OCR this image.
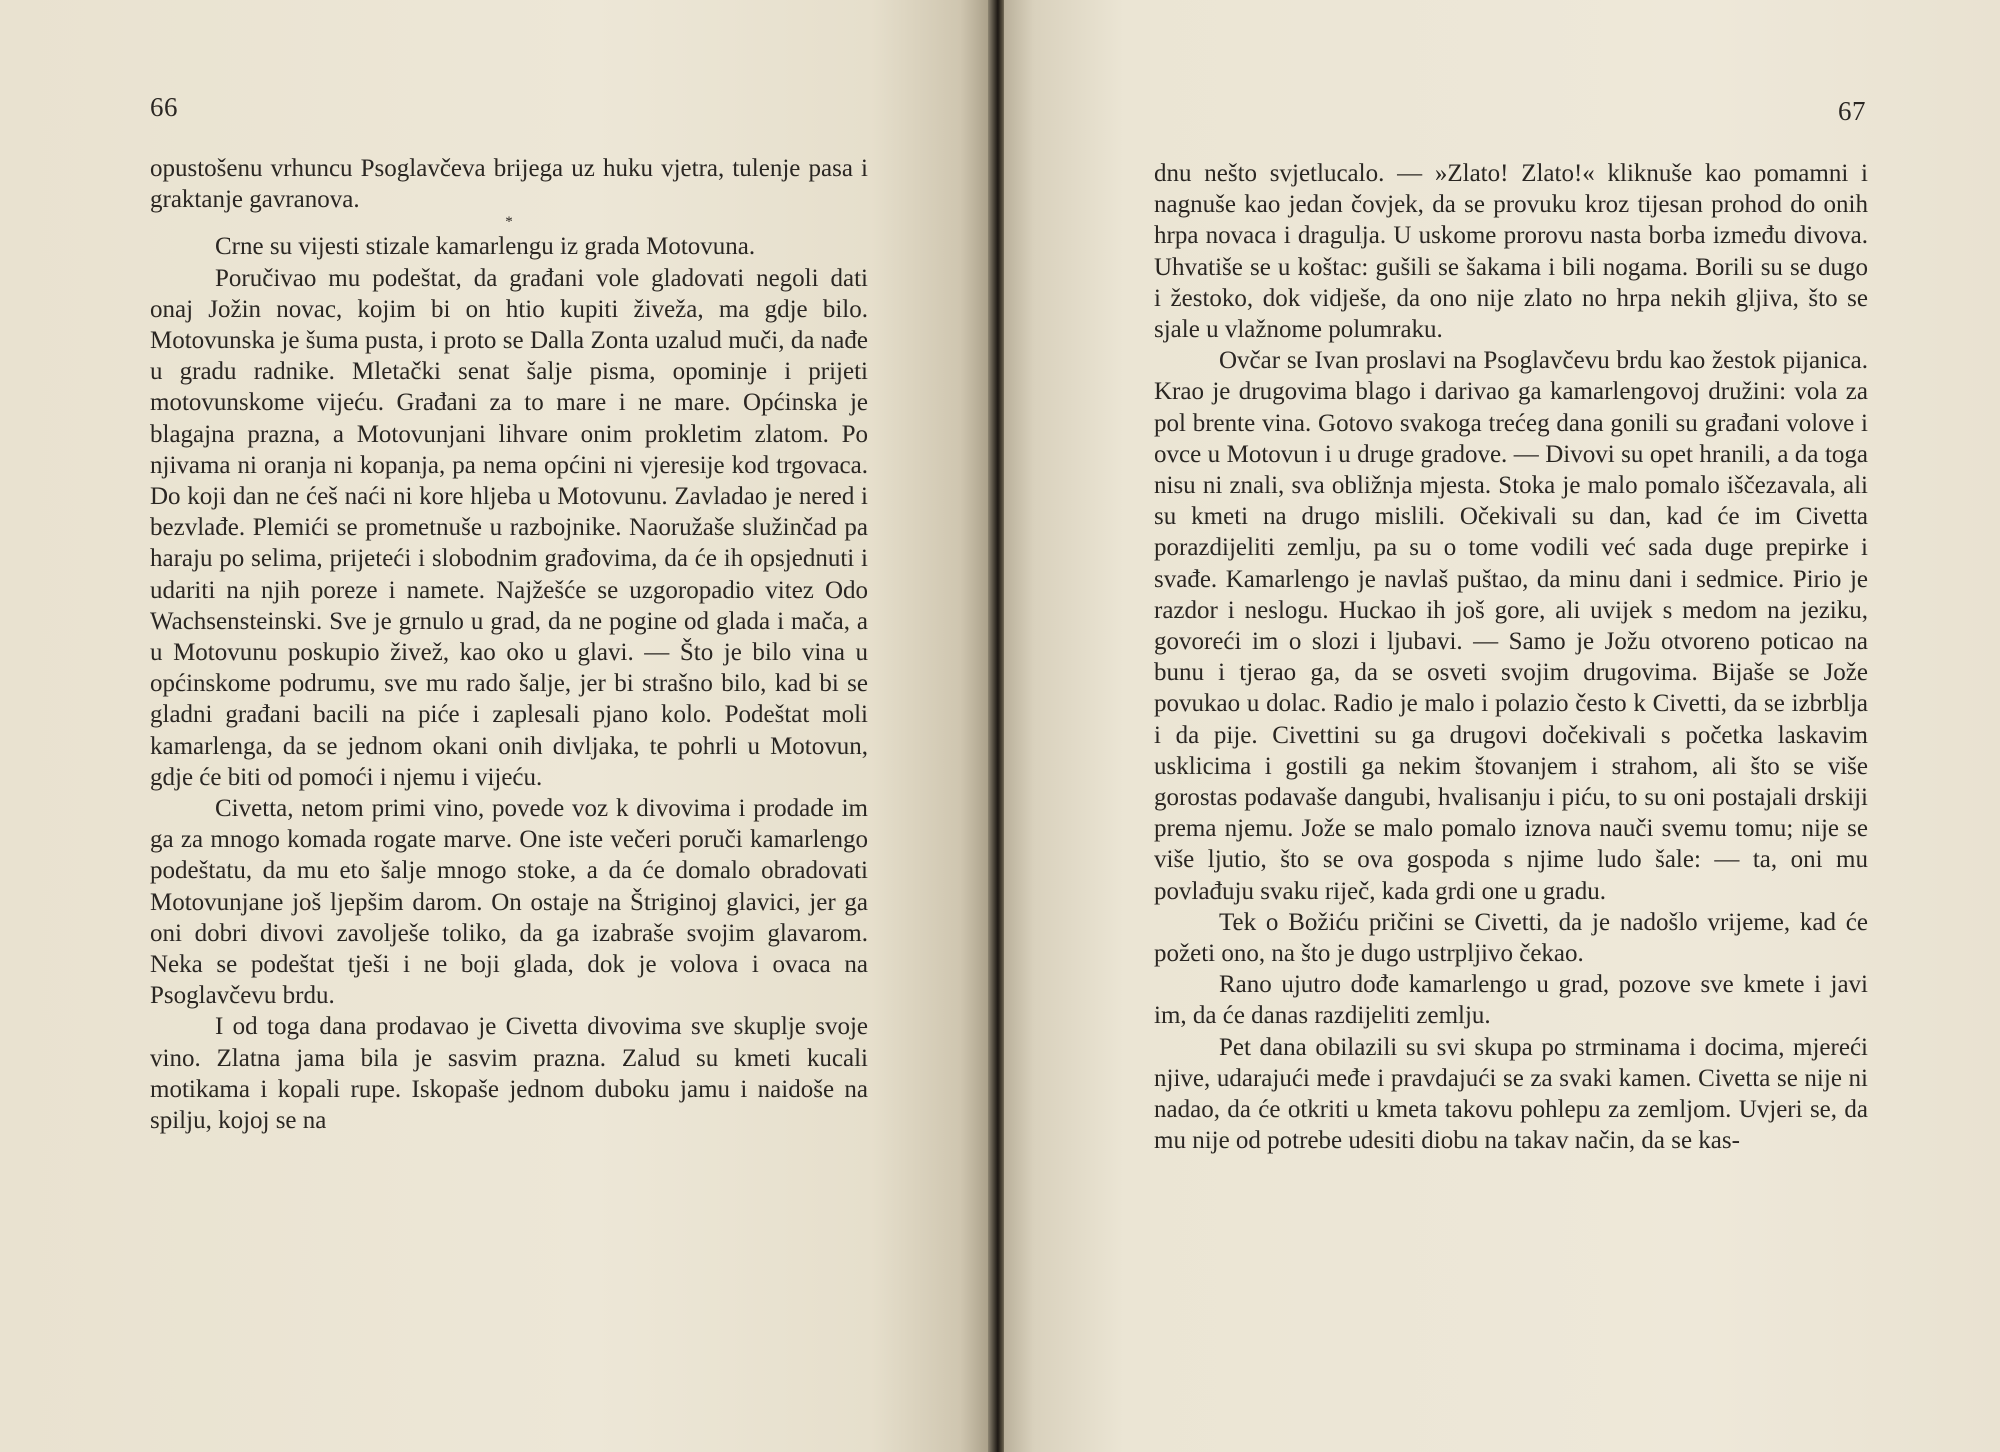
66

opustošenu vrhuncu Psoglavčeva brijega uz huku vjetra, tulenje pasa i graktanje gavranova.

*

Crne su vijesti stizale kamarlengu iz grada Motovuna.

Poručivao mu podeštat, da građani vole gladovati negoli dati onaj Jožin novac, kojim bi on htio kupiti živeža, ma gdje bilo. Motovunska je šuma pusta, i proto se Dalla Zonta uzalud muči, da nađe u gradu radnike. Mletački senat šalje pisma, opominje i prijeti motovunskome vijeću. Građani za to mare i ne mare. Općinska je blagajna prazna, a Motovunjani lihvare onim prokletim zlatom. Po njivama ni oranja ni kopanja, pa nema općini ni vjeresije kod trgovaca. Do koji dan ne ćeš naći ni kore hljeba u Motovunu. Zavladao je nered i bezvlađe. Plemići se prometnuše u razbojnike. Naoružaše služinčad pa haraju po selima, prijeteći i slobodnim građovima, da će ih opsjednuti i udariti na njih poreze i namete. Najžešće se uzgoropadio vitez Odo Wachsensteinski. Sve je grnulo u grad, da ne pogine od glada i mača, a u Motovunu poskupio živež, kao oko u glavi. — Što je bilo vina u općinskome podrumu, sve mu rado šalje, jer bi strašno bilo, kad bi se gladni građani bacili na piće i zaplesali pjano kolo. Podeštat moli kamarlenga, da se jednom okani onih divljaka, te pohrli u Motovun, gdje će biti od pomoći i njemu i vijeću.

Civetta, netom primi vino, povede voz k divovima i prodade im ga za mnogo komada rogate marve. One iste večeri poruči kamarlengo podeštatu, da mu eto šalje mnogo stoke, a da će domalo obradovati Motovunjane još ljepšim darom. On ostaje na Štriginoj glavici, jer ga oni dobri divovi zavolješe toliko, da ga izabraše svojim glavarom. Neka se podeštat tješi i ne boji glada, dok je volova i ovaca na Psoglavčevu brdu.

I od toga dana prodavao je Civetta divovima sve skuplje svoje vino. Zlatna jama bila je sasvim prazna. Zalud su kmeti kucali motikama i kopali rupe. Iskopaše jednom duboku jamu i naidoše na spilju, kojoj se na

67

dnu nešto svjetlucalo. — »Zlato! Zlato!« kliknuše kao pomamni i nagnuše kao jedan čovjek, da se provuku kroz tijesan prohod do onih hrpa novaca i dragulja. U uskome prorovu nasta borba između divova. Uhvatiše se u koštac: gušili se šakama i bili nogama. Borili su se dugo i žestoko, dok vidješe, da ono nije zlato no hrpa nekih gljiva, što se sjale u vlažnome polumraku.

Ovčar se Ivan proslavi na Psoglavčevu brdu kao žestok pijanica. Krao je drugovima blago i darivao ga kamarlengovoj družini: vola za pol brente vina. Gotovo svakoga trećeg dana gonili su građani volove i ovce u Motovun i u druge gradove. — Divovi su opet hranili, a da toga nisu ni znali, sva obližnja mjesta. Stoka je malo pomalo iščezavala, ali su kmeti na drugo mislili. Očekivali su dan, kad će im Civetta porazdijeliti zemlju, pa su o tome vodili već sada duge prepirke i svađe. Kamarlengo je navlaš puštao, da minu dani i sedmice. Pirio je razdor i neslogu. Huckao ih još gore, ali uvijek s medom na jeziku, govoreći im o slozi i ljubavi. — Samo je Jožu otvoreno poticao na bunu i tjerao ga, da se osveti svojim drugovima. Bijaše se Jože povukao u dolac. Radio je malo i polazio često k Civetti, da se izbrblja i da pije. Civettini su ga drugovi dočekivali s početka laskavim usklicima i gostili ga nekim štovanjem i strahom, ali što se više gorostas podavaše dangubi, hvalisanju i piću, to su oni postajali drskiji prema njemu. Jože se malo pomalo iznova nauči svemu tomu; nije se više ljutio, što se ova gospoda s njime ludo šale: — ta, oni mu povlađuju svaku riječ, kada grdi one u gradu.

Tek o Božiću pričini se Civetti, da je nadošlo vrijeme, kad će požeti ono, na što je dugo ustrpljivo čekao.

Rano ujutro dođe kamarlengo u grad, pozove sve kmete i javi im, da će danas razdijeliti zemlju.

Pet dana obilazili su svi skupa po strminama i docima, mjereći njive, udarajući međe i pravdajući se za svaki kamen. Civetta se nije ni nadao, da će otkriti u kmeta takovu pohlepu za zemljom. Uvjeri se, da mu nije od potrebe udesiti diobu na takav način, da se kas-
